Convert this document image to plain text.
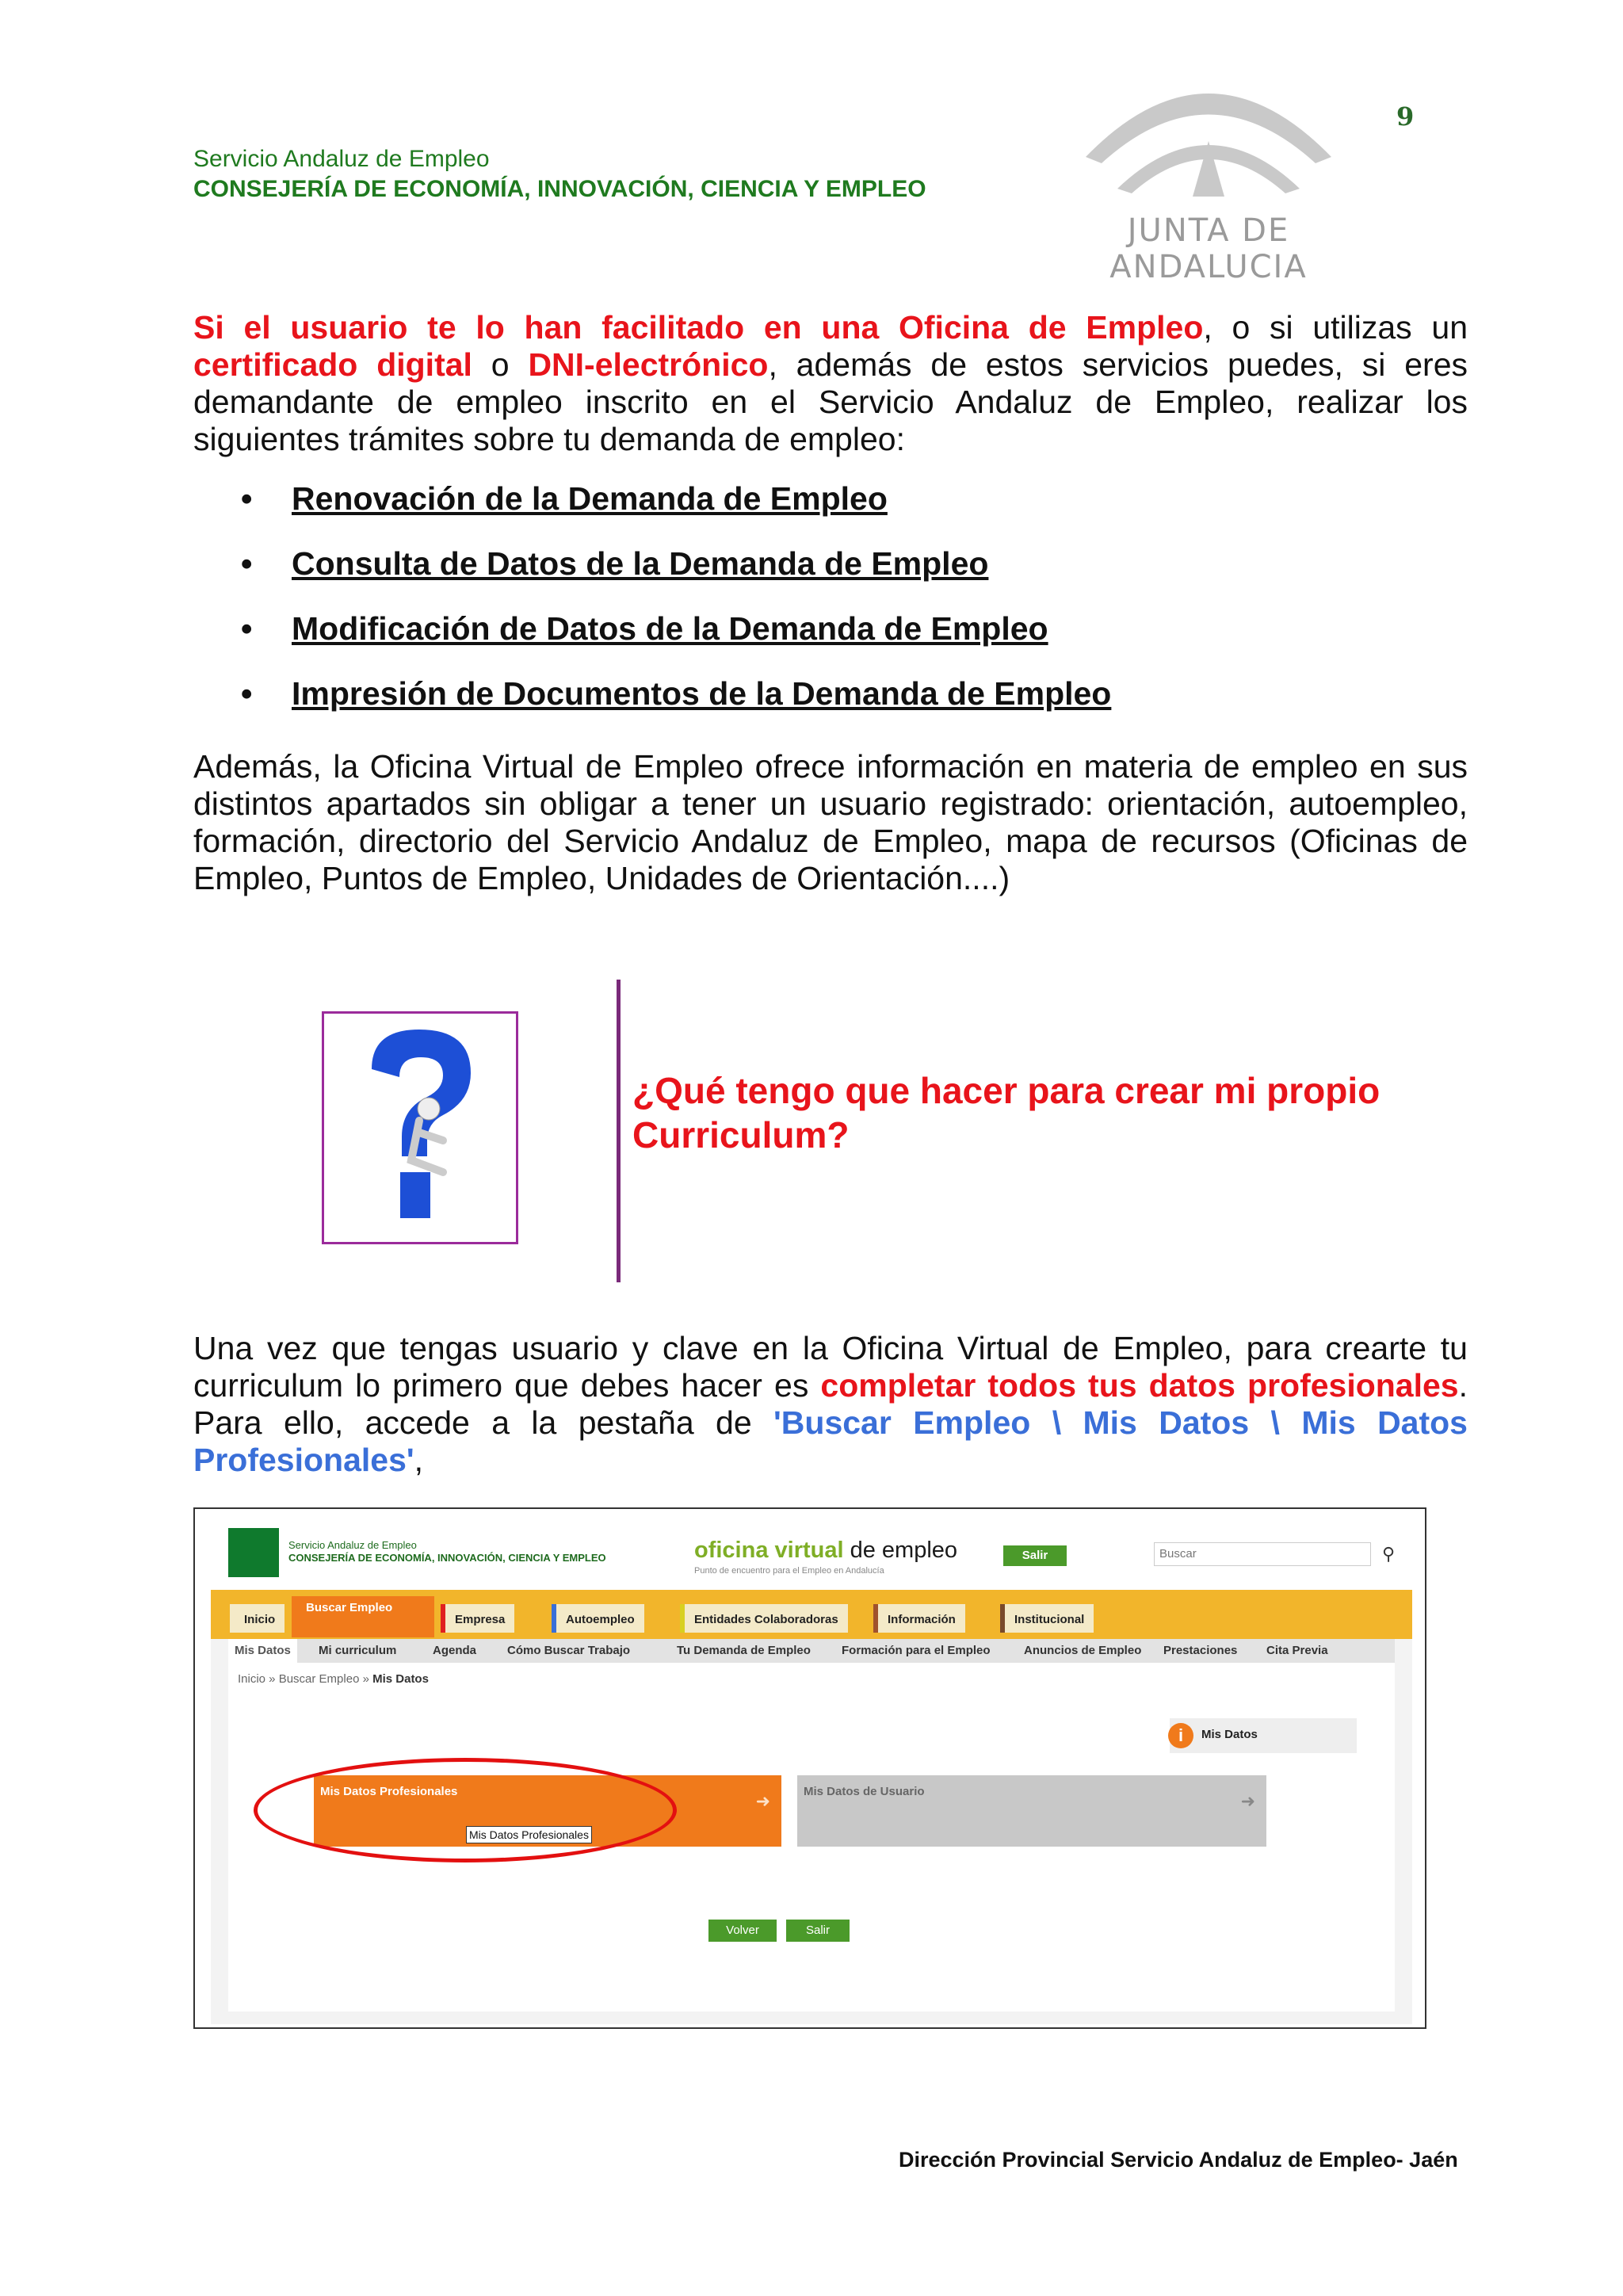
Servicio Andaluz de Empleo
CONSEJERÍA DE ECONOMÍA, INNOVACIÓN, CIENCIA Y EMPLEO
9
JUNTA DE ANDALUCIA
Si el usuario te lo han facilitado en una Oficina de Empleo, o si utilizas un certificado digital o DNI-electrónico, además de estos servicios puedes, si eres demandante de empleo inscrito en el Servicio Andaluz de Empleo, realizar los siguientes trámites sobre tu demanda de empleo:
• Renovación de la Demanda de Empleo
• Consulta de Datos de la Demanda de Empleo
• Modificación de Datos de la Demanda de Empleo
• Impresión de Documentos de la Demanda de Empleo
Además, la Oficina Virtual de Empleo ofrece información en materia de empleo en sus distintos apartados sin obligar a tener un usuario registrado: orientación, autoempleo, formación, directorio del Servicio Andaluz de Empleo, mapa de recursos (Oficinas de Empleo, Puntos de Empleo, Unidades de Orientación....)
¿Qué tengo que hacer para crear mi propio Curriculum?
Una vez que tengas usuario y clave en la Oficina Virtual de Empleo, para crearte tu curriculum lo primero que debes hacer es completar todos tus datos profesionales. Para ello, accede a la pestaña de 'Buscar Empleo \ Mis Datos \ Mis Datos Profesionales',
Servicio Andaluz de Empleo
CONSEJERÍA DE ECONOMÍA, INNOVACIÓN, CIENCIA Y EMPLEO	oficina virtual de empleo
Punto de encuentro para el Empleo en Andalucía
Salir	Buscar	⚲
Inicio
Buscar Empleo
Empresa	Autoempleo	Entidades Colaboradoras	Información	Institucional
Mis Datos	Mi curriculum	Agenda	Cómo Buscar Trabajo	Tu Demanda de Empleo	Formación para el Empleo	Anuncios de Empleo Prestaciones Cita Previa
Inicio » Buscar Empleo » Mis Datos
i	Mis Datos
Mis Datos Profesionales	➜	Mis Datos de Usuario	➜
Mis Datos Profesionales
Volver	Salir
Dirección Provincial Servicio Andaluz de Empleo- Jaén
